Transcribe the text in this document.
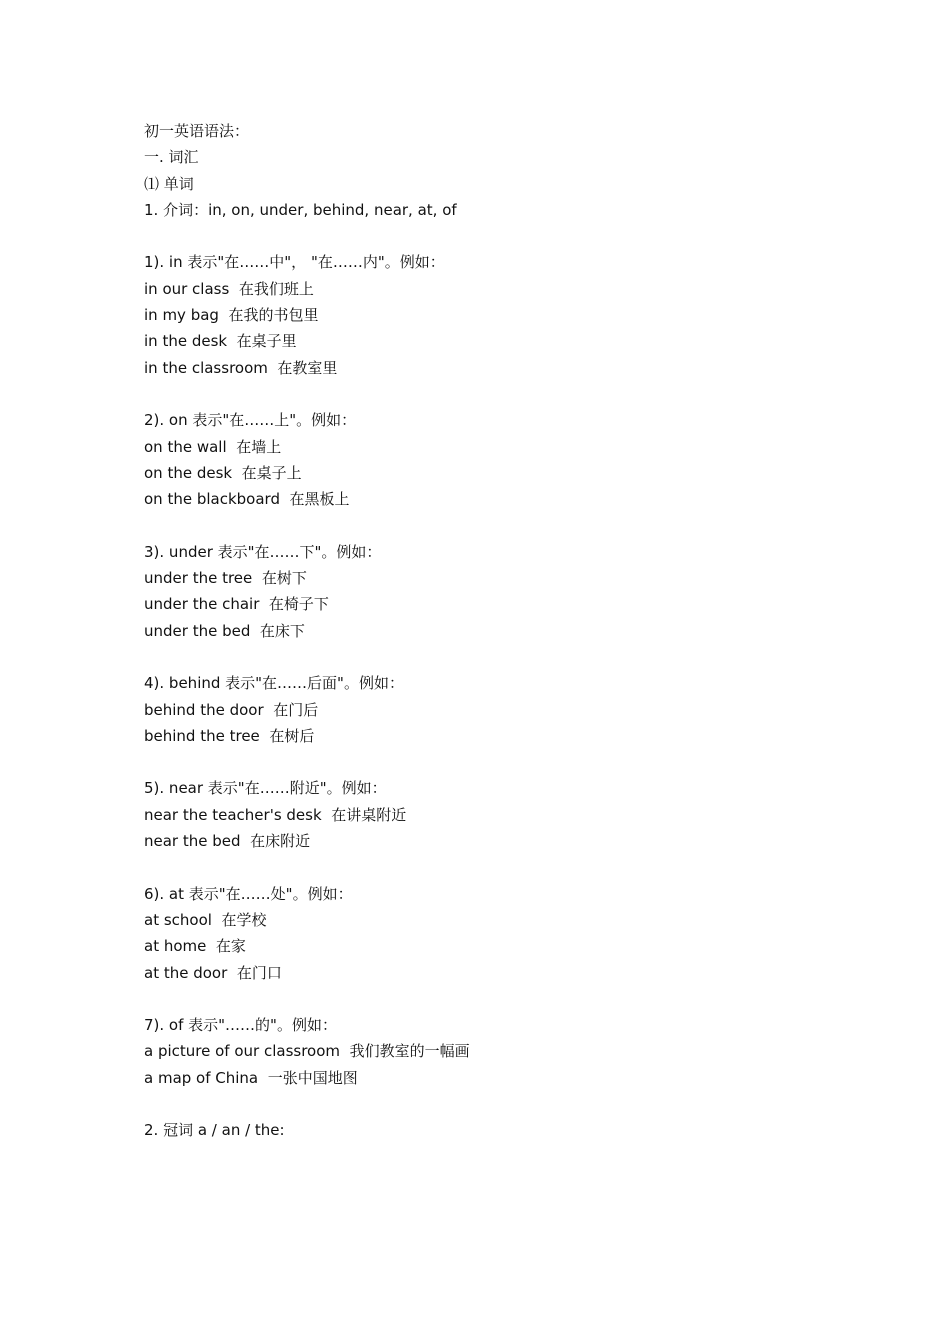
初一英语语法：
一. 词汇
⑴ 单词
1. 介词：in, on, under, behind, near, at, of
1). in 表示"在……中"， "在……内"。例如：
in our class 在我们班上
in my bag 在我的书包里
in the desk 在桌子里
in the classroom 在教室里
2). on 表示"在……上"。例如：
on the wall 在墙上
on the desk 在桌子上
on the blackboard 在黑板上
3). under 表示"在……下"。例如：
under the tree 在树下
under the chair 在椅子下
under the bed 在床下
4). behind 表示"在……后面"。例如：
behind the door 在门后
behind the tree 在树后
5). near 表示"在……附近"。例如：
near the teacher's desk 在讲桌附近
near the bed 在床附近
6). at 表示"在……处"。例如：
at school 在学校
at home 在家
at the door 在门口
7). of 表示"……的"。例如：
a picture of our classroom 我们教室的一幅画
a map of China 一张中国地图
2. 冠词 a / an / the:
